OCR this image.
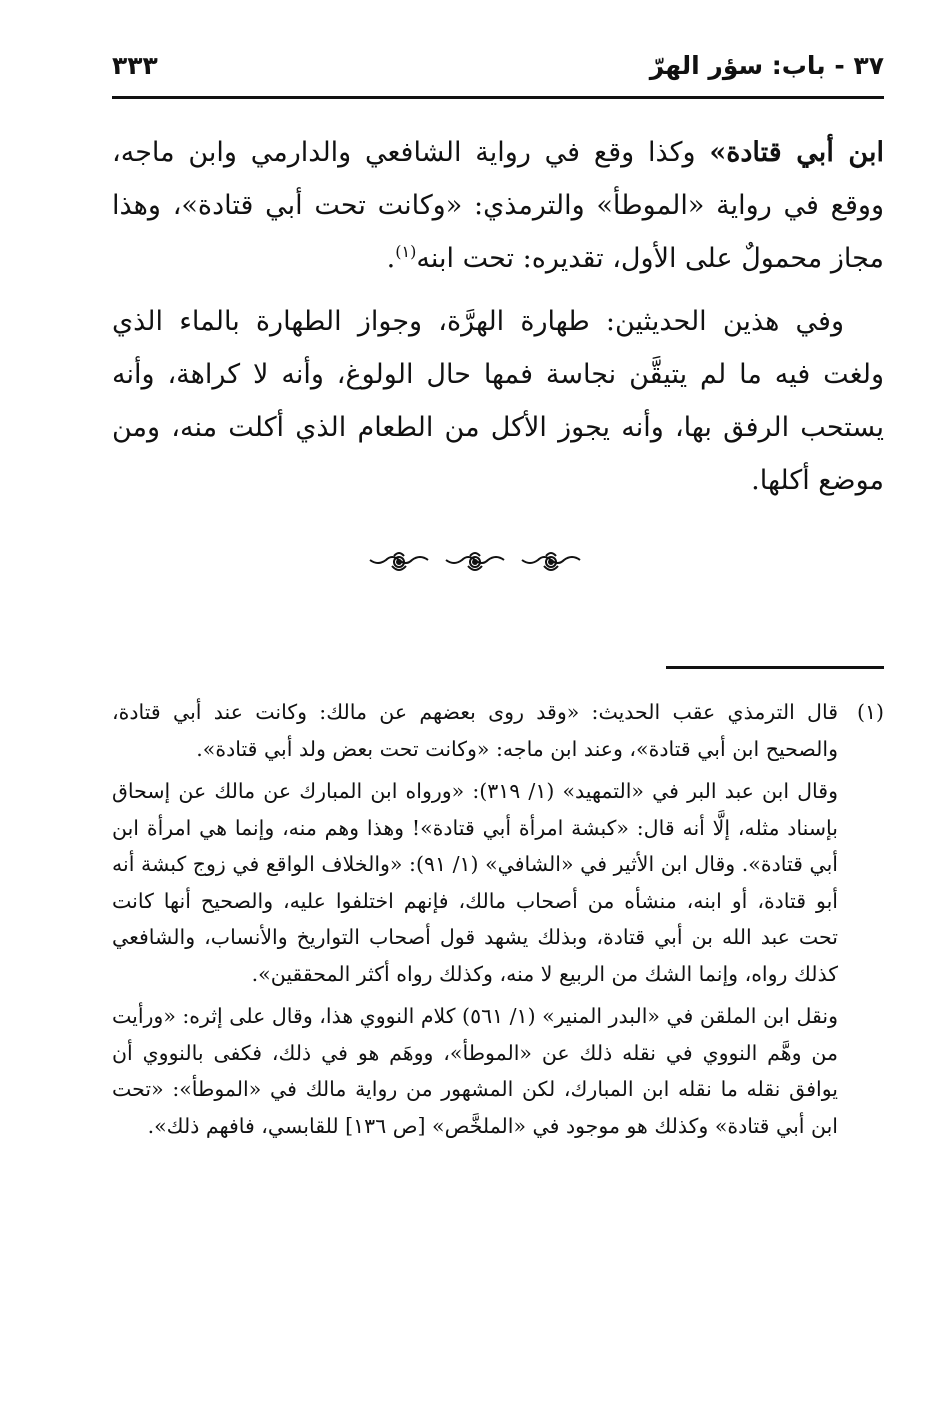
٣٧ - باب: سؤر الهرّ
٣٣٣

ابن أبي قتادة» وكذا وقع في رواية الشافعي والدارمي وابن ماجه، ووقع في رواية «الموطأ» والترمذي: «وكانت تحت أبي قتادة»، وهذا مجاز محمولٌ على الأول، تقديره: تحت ابنه$^{(١)}$.

وفي هذين الحديثين: طهارة الهرَّة، وجواز الطهارة بالماء الذي ولغت فيه ما لم يتيقَّن نجاسة فمها حال الولوغ، وأنه لا كراهة، وأنه يستحب الرفق بها، وأنه يجوز الأكل من الطعام الذي أكلت منه، ومن موضع أكلها.

(١)
قال الترمذي عقب الحديث: «وقد روى بعضهم عن مالك: وكانت عند أبي قتادة، والصحيح ابن أبي قتادة»، وعند ابن ماجه: «وكانت تحت بعض ولد أبي قتادة».

وقال ابن عبد البر في «التمهيد» (١/ ٣١٩): «ورواه ابن المبارك عن مالك عن إسحاق بإسناد مثله، إلَّا أنه قال: «كبشة امرأة أبي قتادة»! وهذا وهم منه، وإنما هي امرأة ابن أبي قتادة». وقال ابن الأثير في «الشافي» (١/ ٩١): «والخلاف الواقع في زوج كبشة أنه أبو قتادة، أو ابنه، منشأه من أصحاب مالك، فإنهم اختلفوا عليه، والصحيح أنها كانت تحت عبد الله بن أبي قتادة، وبذلك يشهد قول أصحاب التواريخ والأنساب، والشافعي كذلك رواه، وإنما الشك من الربيع لا منه، وكذلك رواه أكثر المحققين».

ونقل ابن الملقن في «البدر المنير» (١/ ٥٦١) كلام النووي هذا، وقال على إثره: «ورأيت من وهَّم النووي في نقله ذلك عن «الموطأ»، ووهَم هو في ذلك، فكفى بالنووي أن يوافق نقله ما نقله ابن المبارك، لكن المشهور من رواية مالك في «الموطأ»: «تحت ابن أبي قتادة» وكذلك هو موجود في «الملخَّص» [ص ١٣٦] للقابسي، فافهم ذلك».
